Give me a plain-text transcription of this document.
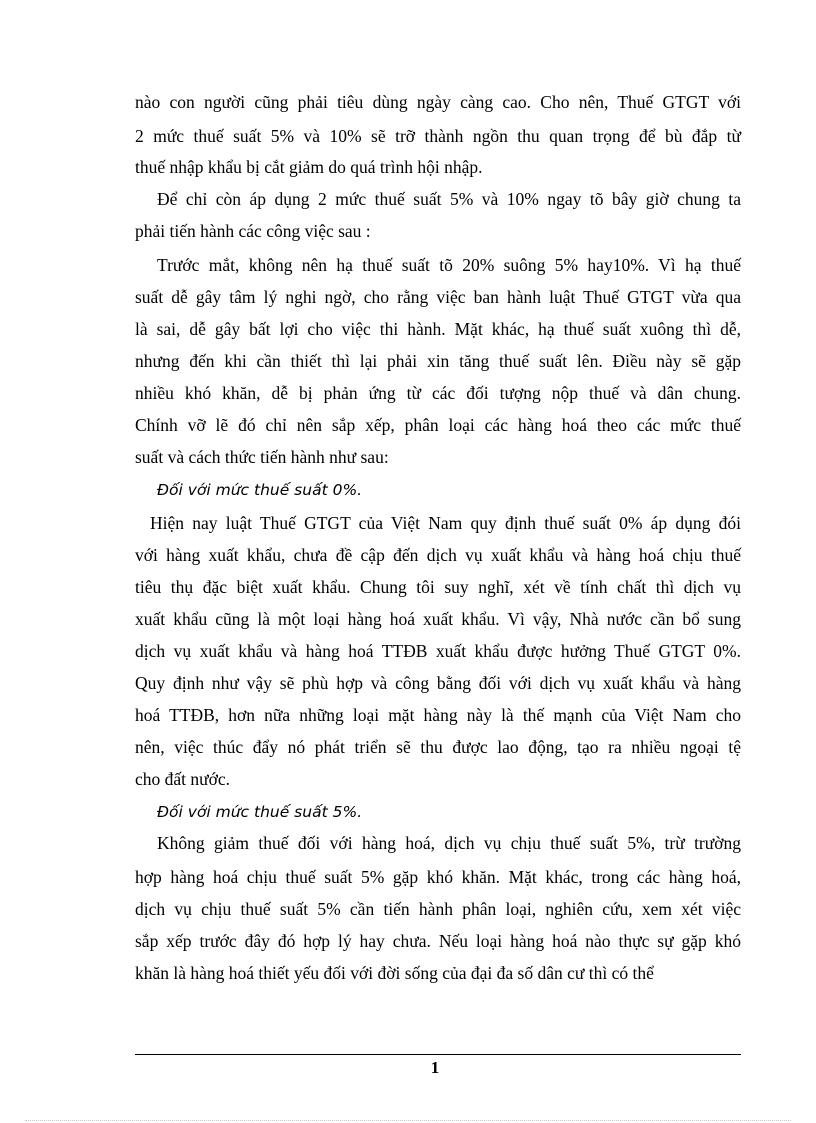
nào con người cũng phải tiêu dùng ngày càng cao. Cho nên, Thuế GTGT với
2 mức thuế suất 5% và 10% sẽ trỡ thành ngồn thu quan trọng để bù đắp từ
thuế nhập khẩu bị cắt giảm do quá trình hội nhập.
Để chỉ còn áp dụng 2 mức thuế suất 5% và 10% ngay tõ bây giờ chung ta
phải tiến hành các công việc sau :
Trước mắt, không nên hạ thuế suất tõ 20% suông 5% hay10%. Vì hạ thuế
suất dễ gây tâm lý nghi ngờ, cho rằng việc ban hành luật Thuế GTGT vừa qua
là sai, dễ gây bất lợi cho việc thi hành. Mặt khác, hạ thuế suất xuông thì dễ,
nhưng đến khi cần thiết thì lại phải xin tăng thuế suất lên. Điều này sẽ gặp
nhiều khó khăn, dễ bị phản ứng từ các đối tượng nộp thuế và dân chung.
Chính vỡ lẽ đó chỉ nên sắp xếp, phân loại các hàng hoá theo các mức thuế
suất và cách thức tiến hành như sau:
Đối với mức thuế suất 0%.
Hiện nay luật Thuế GTGT của Việt Nam quy định thuế suất 0% áp dụng đói
với hàng xuất khẩu, chưa đề cập đến dịch vụ xuất khẩu và hàng hoá chịu thuế
tiêu thụ đặc biệt xuất khẩu. Chung tôi suy nghĩ, xét về tính chất thì dịch vụ
xuất khẩu cũng là một loại hàng hoá xuất khẩu. Vì vậy, Nhà nước cần bổ sung
dịch vụ xuất khẩu và hàng hoá TTĐB xuất khẩu được hưởng Thuế GTGT 0%.
Quy định như vậy sẽ phù hợp và công bằng đối với dịch vụ xuất khẩu và hàng
hoá TTĐB, hơn nữa những loại mặt hàng này là thế mạnh của Việt Nam cho
nên, việc thúc đẩy nó phát triển sẽ thu được lao động, tạo ra nhiều ngoại tệ
cho đất nước.
Đối với mức thuế suất 5%.
Không giảm thuế đối với hàng hoá, dịch vụ chịu thuế suất 5%, trừ trường
hợp hàng hoá chịu thuế suất 5% gặp khó khăn. Mặt khác, trong các hàng hoá,
dịch vụ chịu thuế suất 5% cần tiến hành phân loại, nghiên cứu, xem xét việc
sắp xếp trước đây đó hợp lý hay chưa. Nếu loại hàng hoá nào thực sự gặp khó
khăn là hàng hoá thiết yếu đối với đời sống của đại đa số dân cư thì có thể
1
